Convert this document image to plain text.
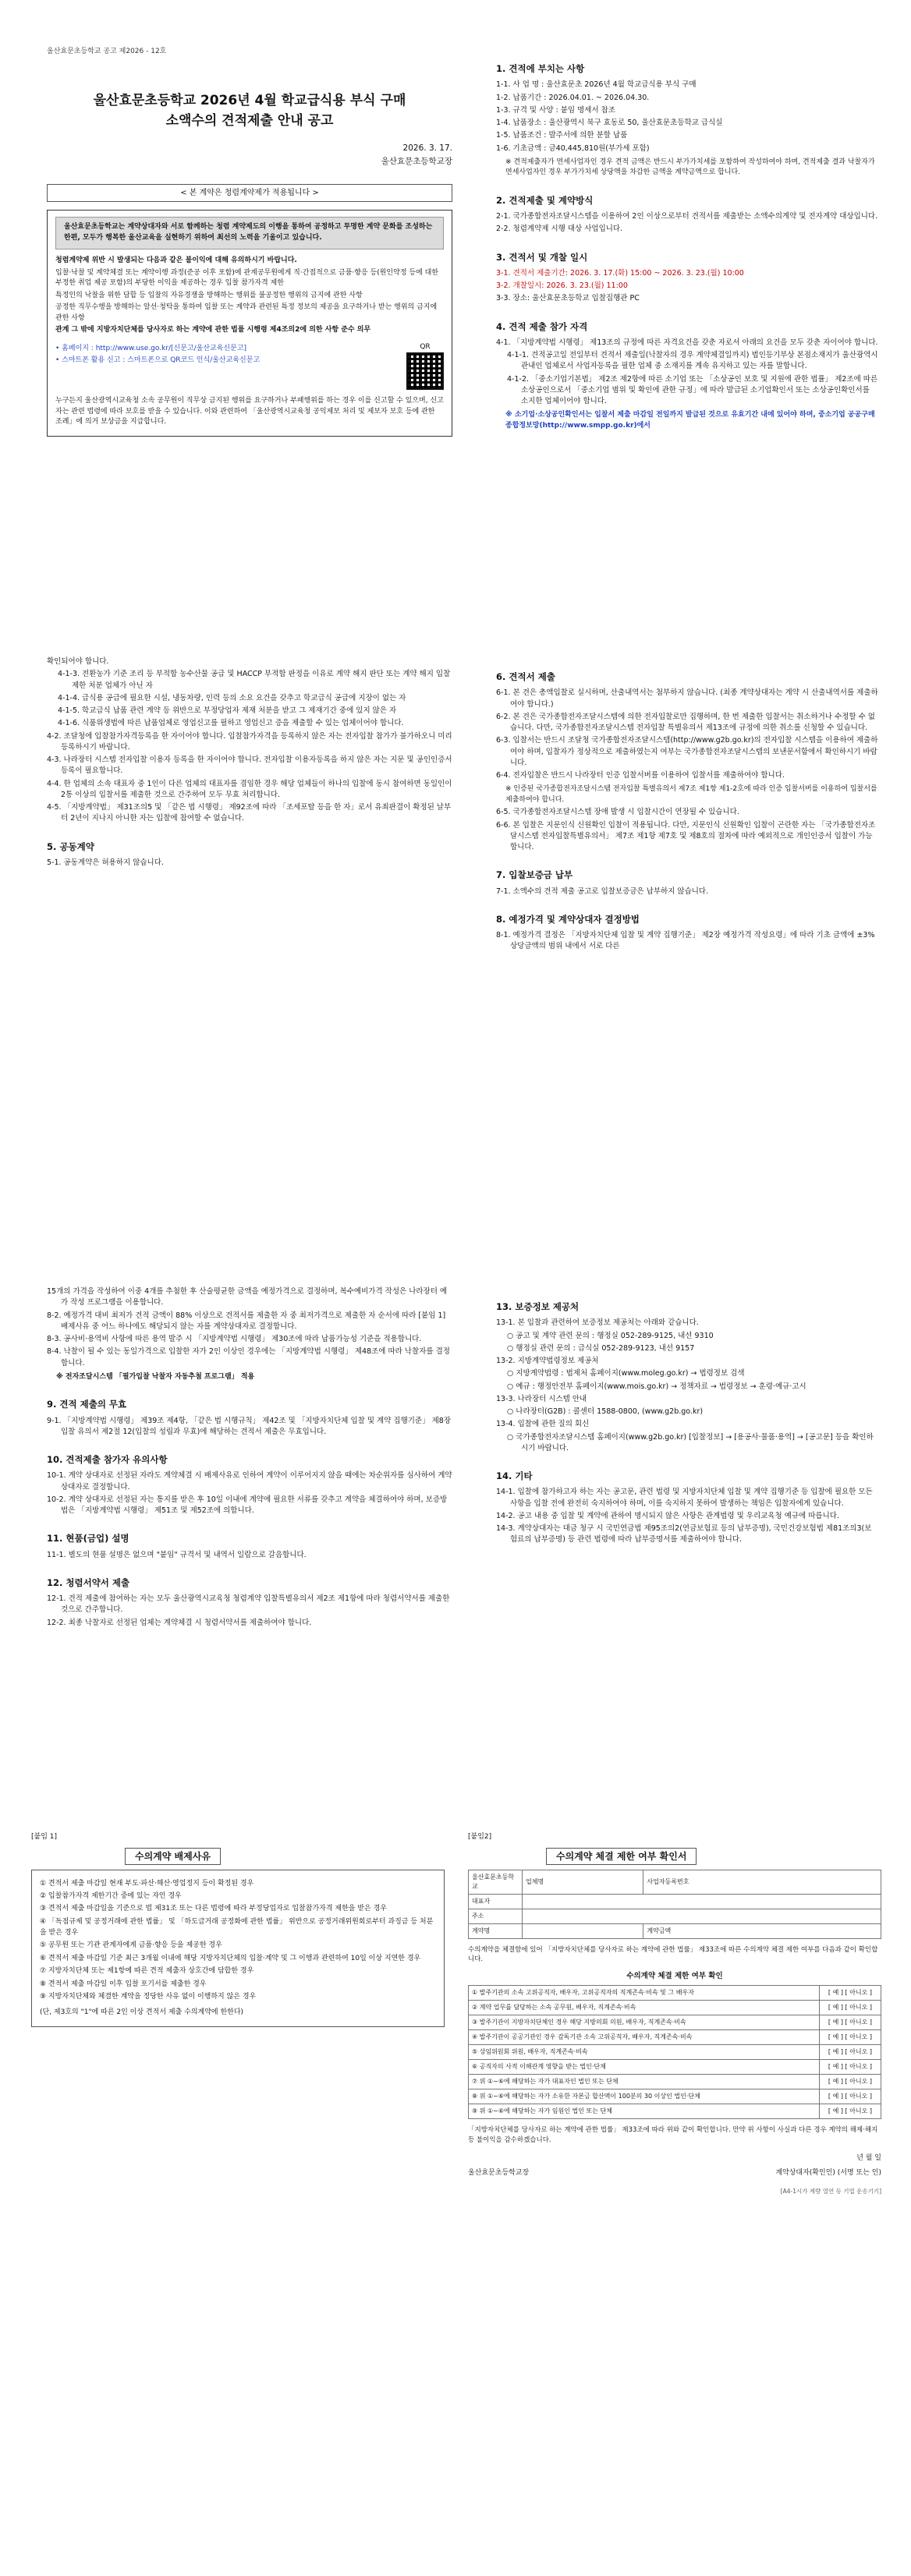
울산효문초등학교 공고 제2026 - 12호
울산효문초등학교 2026년 4월 학교급식용 부식 구매
소액수의 견적제출 안내 공고
2026. 3. 17.
울산효문초등학교장
< 본 계약은 청렴계약제가 적용됩니다 >
울산효문초등학교는 계약상대자와 서로 함께하는 청렴 계약제도의 이행을 통하여 공정하고 투명한 계약 문화를 조성하는 한편, 모두가 행복한 울산교육을 실현하기 위하여 최선의 노력을 기울이고 있습니다.
청렴계약제 위반 시 발생되는 다음과 같은 불이익에 대해 유의하시기 바랍니다.
입찰·낙찰 및 계약체결 또는 계약이행 과정(준공 이후 포함)에 관계공무원에게 직·간접적으로 금품·향응 등(원인약정 등에 대한 부정한 취업 제공 포함)의 부당한 이익을 제공하는 경우 입찰 참가자격 제한
특정인의 낙찰을 위한 담합 등 입찰의 자유경쟁을 방해하는 행위를 불공정한 행위의 금지에 관한 사항
공정한 직무수행을 방해하는 알선·청탁을 통하여 입찰 또는 계약과 관련된 특정 정보의 제공을 요구하거나 받는 행위의 금지에 관한 사항
관계 그 밖에 지방자치단체를 당사자로 하는 계약에 관한 법률 시행령 제4조의2에 의한 사항 준수 의무
• 홈페이지 : http://www.use.go.kr/[신문고/울산교육신문고]
• 스마트폰 활용 신고 : 스마트폰으로 QR코드 인식/울산교육신문고
QR
누구든지 울산광역시교육청 소속 공무원이 직무상 금지된 행위를 요구하거나 부패행위를 하는 경우 이를 신고할 수 있으며, 신고자는 관련 법령에 따라 보호를 받을 수 있습니다. 이와 관련하여 「울산광역시교육청 공익제보 처리 및 제보자 보호 등에 관한 조례」에 의거 보상금을 지급합니다.
1. 견적에 부치는 사항
1-1. 사 업 명 : 울산효문초 2026년 4월 학교급식용 부식 구매
1-2. 납품기간 : 2026.04.01. ~ 2026.04.30.
1-3. 규격 및 사양 : 붙임 명세서 참조
1-4. 납품장소 : 울산광역시 북구 효동로 50, 울산효문초등학교 급식실
1-5. 납품조건 : 발주서에 의한 분할 납품
1-6. 기초금액 : 금40,445,810원(부가세 포함)
※ 견적제출자가 면세사업자인 경우 견적 금액은 반드시 부가가치세를 포함하여 작성하여야 하며, 견적제출 결과 낙찰자가 면세사업자인 경우 부가가치세 상당액을 차감한 금액을 계약금액으로 합니다.
2. 견적제출 및 계약방식
2-1. 국가종합전자조달시스템을 이용하여 2인 이상으로부터 견적서를 제출받는 소액수의계약 및 전자계약 대상입니다.
2-2. 청렴계약제 시행 대상 사업입니다.
3. 견적서 및 개찰 일시
3-1. 견적서 제출기간: 2026. 3. 17.(화) 15:00 ~ 2026. 3. 23.(월) 10:00
3-2. 개찰일시: 2026. 3. 23.(월) 11:00
3-3. 장소: 울산효문초등학교 입찰집행관 PC
4. 견적 제출 참가 자격
4-1. 「지방계약법 시행령」 제13조의 규정에 따른 자격요건을 갖춘 자로서 아래의 요건을 모두 갖춘 자이어야 합니다.
4-1-1. 견적공고일 전일부터 견적서 제출일(낙찰자의 경우 계약체결일까지) 법인등기부상 본점소재지가 울산광역시 관내인 업체로서 사업자등록을 필한 업체 중 소재지를 계속 유지하고 있는 자를 말합니다.
4-1-2. 「중소기업기본법」 제2조 제2항에 따른 소기업 또는 「소상공인 보호 및 지원에 관한 법률」 제2조에 따른 소상공인으로서 「중소기업 범위 및 확인에 관한 규정」에 따라 발급된 소기업확인서 또는 소상공인확인서를 소지한 업체이어야 합니다.
※ 소기업·소상공인확인서는 입찰서 제출 마감일 전일까지 발급된 것으로 유효기간 내에 있어야 하며, 중소기업 공공구매 종합정보망(http://www.smpp.go.kr)에서
확인되어야 합니다.
4-1-3. 전환농가 기준 조리 등 부적합 농수산물 공급 및 HACCP 부적합 판정을 이유로 계약 해지 판단 또는 계약 해지 입찰 제한 처분 업체가 아닌 자
4-1-4. 급식용 공급에 필요한 시설, 냉동차량, 인력 등의 소요 요건을 갖추고 학교급식 공급에 지장이 없는 자
4-1-5. 학교급식 납품 관련 계약 등 위반으로 부정당업자 제재 처분을 받고 그 제재기간 중에 있지 않은 자
4-1-6. 식품위생법에 따른 납품업체로 영업신고를 필하고 영업신고 증을 제출할 수 있는 업체이어야 합니다.
4-2. 조달청에 입찰참가자격등록을 한 자이어야 합니다. 입찰참가자격을 등록하지 않은 자는 전자입찰 참가가 불가하오니 미리 등록하시기 바랍니다.
4-3. 나라장터 시스템 전자입찰 이용자 등록을 한 자이어야 합니다. 전자입찰 이용자등록을 하지 않은 자는 지문 및 공인인증서 등록이 필요합니다.
4-4. 한 업체의 소속 대표자 중 1인이 다른 업체의 대표자를 겸임한 경우 해당 업체들이 하나의 입찰에 동시 참여하면 동일인이 2통 이상의 입찰서를 제출한 것으로 간주하여 모두 무효 처리합니다.
4-5. 「지방계약법」 제31조의5 및 「같은 법 시행령」 제92조에 따라 「조세포탈 등을 한 자」로서 유죄판결이 확정된 날부터 2년이 지나지 아니한 자는 입찰에 참여할 수 없습니다.
5. 공동계약
5-1. 공동계약은 허용하지 않습니다.
6. 견적서 제출
6-1. 본 견은 총액입찰로 실시하며, 산출내역서는 첨부하지 않습니다. (최종 계약상대자는 계약 시 산출내역서를 제출하여야 합니다.)
6-2. 본 견은 국가종합전자조달시스템에 의한 전자입찰로만 집행하며, 한 번 제출한 입찰서는 취소하거나 수정할 수 없습니다. 다만, 국가종합전자조달시스템 전자입찰 특별유의서 제13조에 규정에 의한 취소를 신청할 수 있습니다.
6-3. 입찰서는 반드시 조달청 국가종합전자조달시스템(http://www.g2b.go.kr)의 전자입찰 시스템을 이용하여 제출하여야 하며, 입찰자가 정상적으로 제출하였는지 여부는 국가종합전자조달시스템의 보낸문서함에서 확인하시기 바랍니다.
6-4. 전자입찰은 반드시 나라장터 인증 입찰서버를 이용하여 입찰서를 제출하여야 합니다.
※ 인증된 국가종합전자조달시스템 전자입찰 특별유의서 제7조 제1항 제1-2호에 따라 인증 입찰서버를 이용하여 입찰서를 제출하여야 합니다.
6-5. 국가종합전자조달시스템 장애 발생 시 입찰시간이 연장될 수 있습니다.
6-6. 본 입찰은 지문인식 신원확인 입찰이 적용됩니다. 다만, 지문인식 신원확인 입찰이 곤란한 자는 「국가종합전자조달시스템 전자입찰특별유의서」 제7조 제1항 제7호 및 제8호의 절차에 따라 예외적으로 개인인증서 입찰이 가능합니다.
7. 입찰보증금 납부
7-1. 소액수의 견적 제출 공고로 입찰보증금은 납부하지 않습니다.
8. 예정가격 및 계약상대자 결정방법
8-1. 예정가격 결정은 「지방자치단체 입찰 및 계약 집행기준」 제2장 예정가격 작성요령」에 따라 기초 금액에 ±3% 상당금액의 범위 내에서 서로 다른
15개의 가격을 작성하여 이중 4개를 추첨한 후 산술평균한 금액을 예정가격으로 결정하며, 복수예비가격 작성은 나라장터 예가 작성 프로그램을 이용합니다.
8-2. 예정가격 대비 최저가 견적 금액이 88% 이상으로 견적서를 제출한 자 중 최저가격으로 제출한 자 순서에 따라 [붙임 1] 배제사유 중 어느 하나에도 해당되지 않는 자를 계약상대자로 결정합니다.
8-3. 공사비·용역비 사항에 따른 용역 발주 시 「지방계약법 시행령」 제30조에 따라 납품가능성 기준을 적용합니다.
8-4. 낙찰이 될 수 있는 동일가격으로 입찰한 자가 2인 이상인 경우에는 「지방계약법 시행령」 제48조에 따라 낙찰자를 결정합니다.
※ 전자조달시스템 「필가입찰 낙찰자 자동추첨 프로그램」 적용
9. 견적 제출의 무효
9-1. 「지방계약법 시행령」 제39조 제4항, 「같은 법 시행규칙」 제42조 및 「지방자치단체 입찰 및 계약 집행기준」 제8장 입찰 유의서 제2절 12(입찰의 성립과 무효)에 해당하는 견적서 제출은 무효입니다.
10. 견적제출 참가자 유의사항
10-1. 계약 상대자로 선정된 자라도 계약체결 시 배제사유로 인하여 계약이 이루어지지 않을 때에는 차순위자를 심사하여 계약상대자로 결정합니다.
10-2. 계약 상대자로 선정된 자는 통지를 받은 후 10일 이내에 계약에 필요한 서류를 갖추고 계약을 체결하여야 하며, 보증방법은 「지방계약법 시행령」 제51조 및 제52조에 의합니다.
11. 현품(금업) 설명
11-1. 별도의 현품 설명은 없으며 "붙임" 규격서 및 내역서 일람으로 갈음합니다.
12. 청렴서약서 제출
12-1. 견적 제출에 참여하는 자는 모두 울산광역시교육청 청렴계약 입찰특별유의서 제2조 제1항에 따라 청렴서약서를 제출한 것으로 간주합니다.
12-2. 최종 낙찰자로 선정된 업체는 계약체결 시 청렴서약서를 제출하여야 합니다.
13. 보증정보 제공처
13-1. 본 입찰과 관련하여 보증정보 제공처는 아래와 같습니다.
○ 공고 및 계약 관련 문의 : 행정실 052-289-9125, 내선 9310
○ 행정실 관련 문의 : 급식실 052-289-9123, 내선 9157
13-2. 지방계약법령정보 제공처
○ 지방계약법령 : 법제처 홈페이지(www.moleg.go.kr) → 법령정보 검색
○ 예규 : 행정안전부 홈페이지(www.mois.go.kr) → 정책자료 → 법령정보 → 훈령·예규·고시
13-3. 나라장터 시스템 안내
○ 나라장터(G2B) : 콜센터 1588-0800, (www.g2b.go.kr)
13-4. 입찰에 관한 질의 회신
○ 국가종합전자조달시스템 홈페이지(www.g2b.go.kr) [입찰정보] → [용공사·물품·용역] → [공고문] 등을 확인하시기 바랍니다.
14. 기타
14-1. 입찰에 참가하고자 하는 자는 공고문, 관련 법령 및 지방자치단체 입찰 및 계약 집행기준 등 입찰에 필요한 모든 사항을 입찰 전에 완전히 숙지하여야 하며, 이를 숙지하지 못하여 발생하는 책임은 입찰자에게 있습니다.
14-2. 공고 내용 중 입찰 및 계약에 관하여 명시되지 않은 사항은 관계법령 및 우리교육청 예규에 따릅니다.
14-3. 계약상대자는 대금 청구 시 국민연금법 제95조의2(연금보험료 등의 납부증명), 국민건강보험법 제81조의3(보험료의 납부증명) 등 관련 법령에 따라 납부증명서를 제출하여야 합니다.
[붙임 1]
수의계약 배제사유
① 견적서 제출 마감일 현재 부도·파산·해산·영업정지 등이 확정된 경우
② 입찰참가자격 제한기간 중에 있는 자인 경우
③ 견적서 제출 마감일을 기준으로 법 제31조 또는 다른 법령에 따라 부정당업자로 입찰참가자격 제한을 받은 경우
④ 「독점규제 및 공정거래에 관한 법률」 및 「하도급거래 공정화에 관한 법률」 위반으로 공정거래위원회로부터 과징금 등 처분을 받은 경우
⑤ 공무원 또는 기관 관계자에게 금품·향응 등을 제공한 경우
⑥ 견적서 제출 마감일 기준 최근 3개월 이내에 해당 지방자치단체의 입찰·계약 및 그 이행과 관련하여 10일 이상 지연한 경우
⑦ 지방자치단체 또는 제1항에 따른 견적 제출자 상호간에 담합한 경우
⑧ 견적서 제출 마감일 이후 입찰 포기서를 제출한 경우
⑨ 지방자치단체와 체결한 계약을 정당한 사유 없이 이행하지 않은 경우
(단, 제3호의 "1"에 따른 2인 이상 견적서 제출 수의계약에 한한다)
[붙임2]
수의계약 체결 제한 여부 확인서
울산효문초등학교	업체명	사업자등록번호
대표자		
주소		
계약명		계약금액
수의계약을 체결함에 있어 「지방자치단체를 당사자로 하는 계약에 관한 법률」 제33조에 따른 수의계약 체결 제한 여부를 다음과 같이 확인합니다.
수의계약 체결 제한 여부 확인
① 발주기관의 소속 고위공직자, 배우자, 고위공직자의 직계존속·비속 및 그 배우자	[ 예 ] [ 아니오 ]
② 계약 업무를 담당하는 소속 공무원, 배우자, 직계존속·비속	[ 예 ] [ 아니오 ]
③ 발주기관이 지방자치단체인 경우 해당 지방의회 의원, 배우자, 직계존속·비속	[ 예 ] [ 아니오 ]
④ 발주기관이 공공기관인 경우 감독기관 소속 고위공직자, 배우자, 직계존속·비속	[ 예 ] [ 아니오 ]
⑤ 상임위원회 위원, 배우자, 직계존속·비속	[ 예 ] [ 아니오 ]
⑥ 공직자의 사적 이해관계 영향을 받는 법인·단체	[ 예 ] [ 아니오 ]
⑦ 위 ①~⑥에 해당하는 자가 대표자인 법인 또는 단체	[ 예 ] [ 아니오 ]
⑧ 위 ①~⑥에 해당하는 자가 소유한 자본금 합산액이 100분의 30 이상인 법인·단체	[ 예 ] [ 아니오 ]
⑨ 위 ①~⑥에 해당하는 자가 임원인 법인 또는 단체	[ 예 ] [ 아니오 ]
「지방자치단체를 당사자로 하는 계약에 관한 법률」 제33조에 따라 위와 같이 확인합니다. 만약 위 사항이 사실과 다른 경우 계약의 해제·해지 등 불이익을 감수하겠습니다.
년 월 일
울산효문초등학교장	계약상대자(확인인) (서명 또는 인)
[A4-1시가 계량 열연 등 기업 운송기기]
